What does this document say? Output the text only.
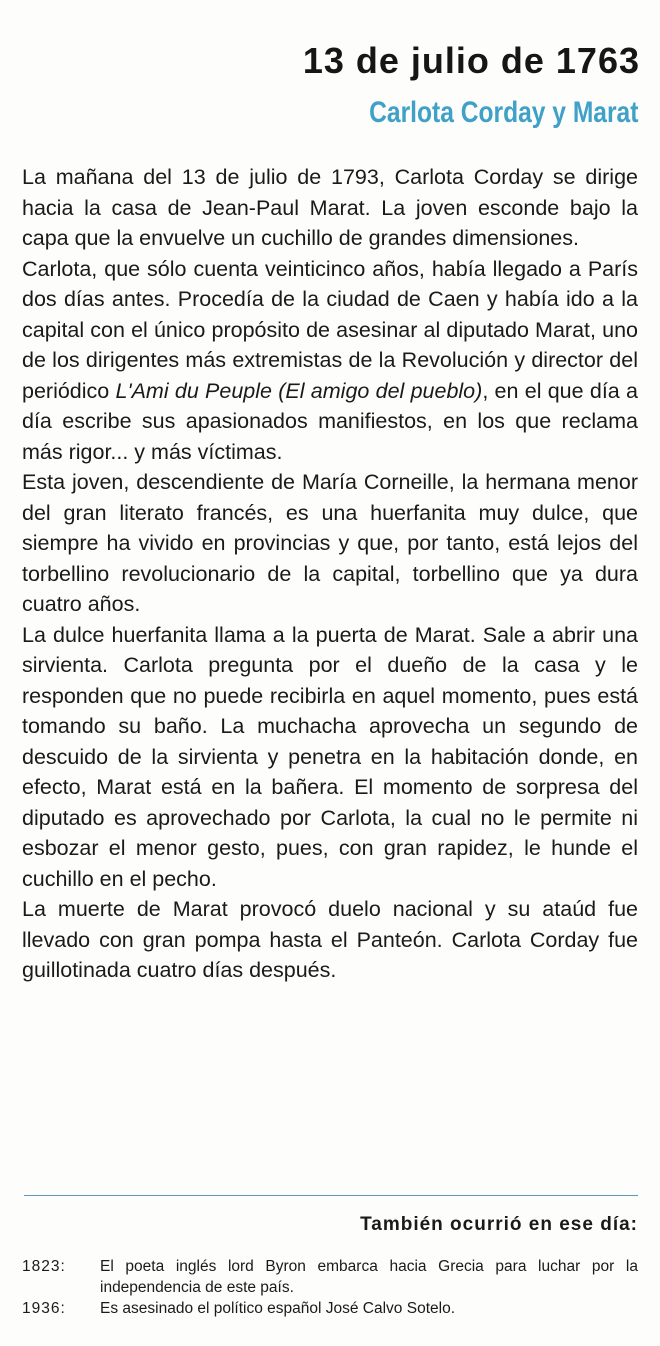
13 de julio de 1763
Carlota Corday y Marat

La mañana del 13 de julio de 1793, Carlota Corday se dirige hacia la casa de Jean-Paul Marat. La joven esconde bajo la capa que la envuelve un cuchillo de grandes dimensiones.

Carlota, que sólo cuenta veinticinco años, había llegado a París dos días antes. Procedía de la ciudad de Caen y había ido a la capital con el único propósito de asesinar al diputado Marat, uno de los dirigentes más extremistas de la Revolución y director del periódico L'Ami du Peuple (El amigo del pueblo), en el que día a día escribe sus apasionados manifiestos, en los que reclama más rigor... y más víctimas.

Esta joven, descendiente de María Corneille, la hermana menor del gran literato francés, es una huerfanita muy dulce, que siempre ha vivido en provincias y que, por tanto, está lejos del torbellino revolucionario de la capital, torbellino que ya dura cuatro años.

La dulce huerfanita llama a la puerta de Marat. Sale a abrir una sirvienta. Carlota pregunta por el dueño de la casa y le responden que no puede recibirla en aquel momento, pues está tomando su baño. La muchacha aprovecha un segundo de descuido de la sirvienta y penetra en la habitación donde, en efecto, Marat está en la bañera. El momento de sorpresa del diputado es aprovechado por Carlota, la cual no le permite ni esbozar el menor gesto, pues, con gran rapidez, le hunde el cuchillo en el pecho.

La muerte de Marat provocó duelo nacional y su ataúd fue llevado con gran pompa hasta el Panteón. Carlota Corday fue guillotinada cuatro días después.

También ocurrió en ese día:
1823:	El poeta inglés lord Byron embarca hacia Grecia para luchar por la independencia de este país.
1936:	Es asesinado el político español José Calvo Sotelo.
